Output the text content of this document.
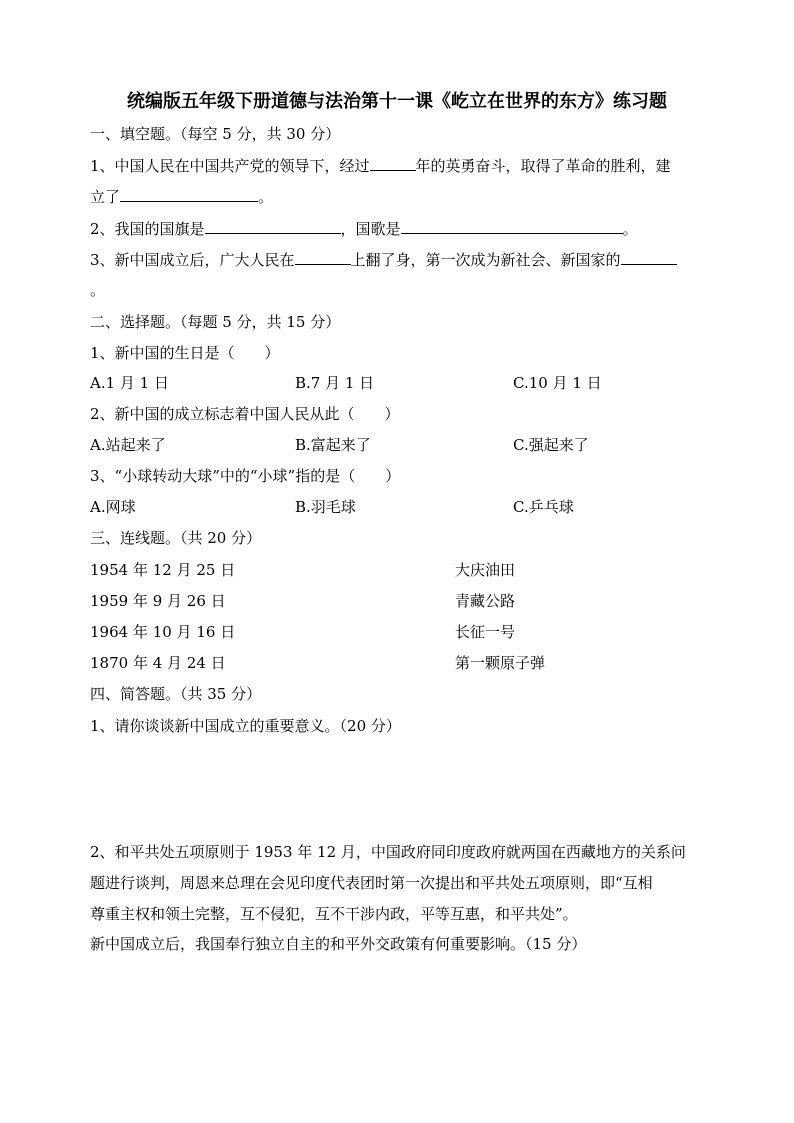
统编版五年级下册道德与法治第十一课《屹立在世界的东方》练习题
一、填空题。（每空 5 分，共 30 分）
1、中国人民在中国共产党的领导下，经过	年的英勇奋斗，取得了革命的胜利，建
立了	。
2、我国的国旗是	，国歌是	。
3、新中国成立后，广大人民在	上翻了身，第一次成为新社会、新国家的
。
二、选择题。（每题 5 分，共 15 分）
1、新中国的生日是（　　）
A.1 月 1 日	B.7 月 1 日	C.10 月 1 日
2、新中国的成立标志着中国人民从此（　　）
A.站起来了	B.富起来了	C.强起来了
3、“小球转动大球”中的“小球”指的是（　　）
A.网球	B.羽毛球	C.乒乓球
三、连线题。（共 20 分）
1954 年 12 月 25 日	大庆油田
1959 年 9 月 26 日	青藏公路
1964 年 10 月 16 日	长征一号
1870 年 4 月 24 日	第一颗原子弹
四、简答题。（共 35 分）
1、请你谈谈新中国成立的重要意义。（20 分）
2、和平共处五项原则于 1953 年 12 月，中国政府同印度政府就两国在西藏地方的关系问
题进行谈判，周恩来总理在会见印度代表团时第一次提出和平共处五项原则，即“互相
尊重主权和领土完整，互不侵犯，互不干涉内政，平等互惠，和平共处”。
新中国成立后，我国奉行独立自主的和平外交政策有何重要影响。（15 分）
